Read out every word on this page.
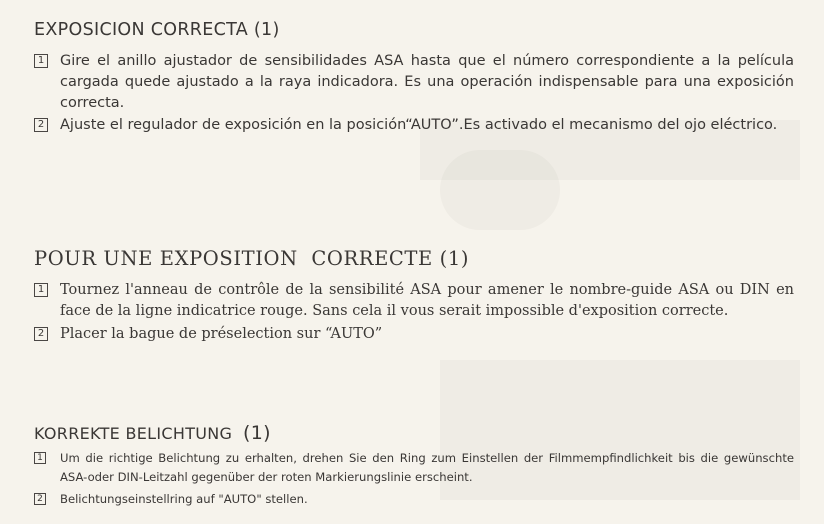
EXPOSICION CORRECTA (1)

1 Gire el anillo ajustador de sensibilidades ASA hasta que el número correspondiente a la película cargada quede ajustado a la raya indicadora. Es una operación indispensable para una exposición correcta.

2 Ajuste el regulador de exposición en la posición“AUTO”.Es activado el mecanismo del ojo eléctrico.

POUR UNE EXPOSITION  CORRECTE (1)

1 Tournez l'anneau de contrôle de la sensibilité ASA pour amener le nombre-guide ASA ou DIN en face de la ligne indicatrice rouge. Sans cela il vous serait impossible d'exposition correcte.

2 Placer la bague de préselection sur “AUTO”

KORREKTE BELICHTUNG (1)

1 Um die richtige Belichtung zu erhalten, drehen Sie den Ring zum Einstellen der Filmmempfindlichkeit bis die gewünschte ASA-oder DIN-Leitzahl gegenüber der roten Markierungslinie erscheint.

2 Belichtungseinstellring auf "AUTO" stellen.
